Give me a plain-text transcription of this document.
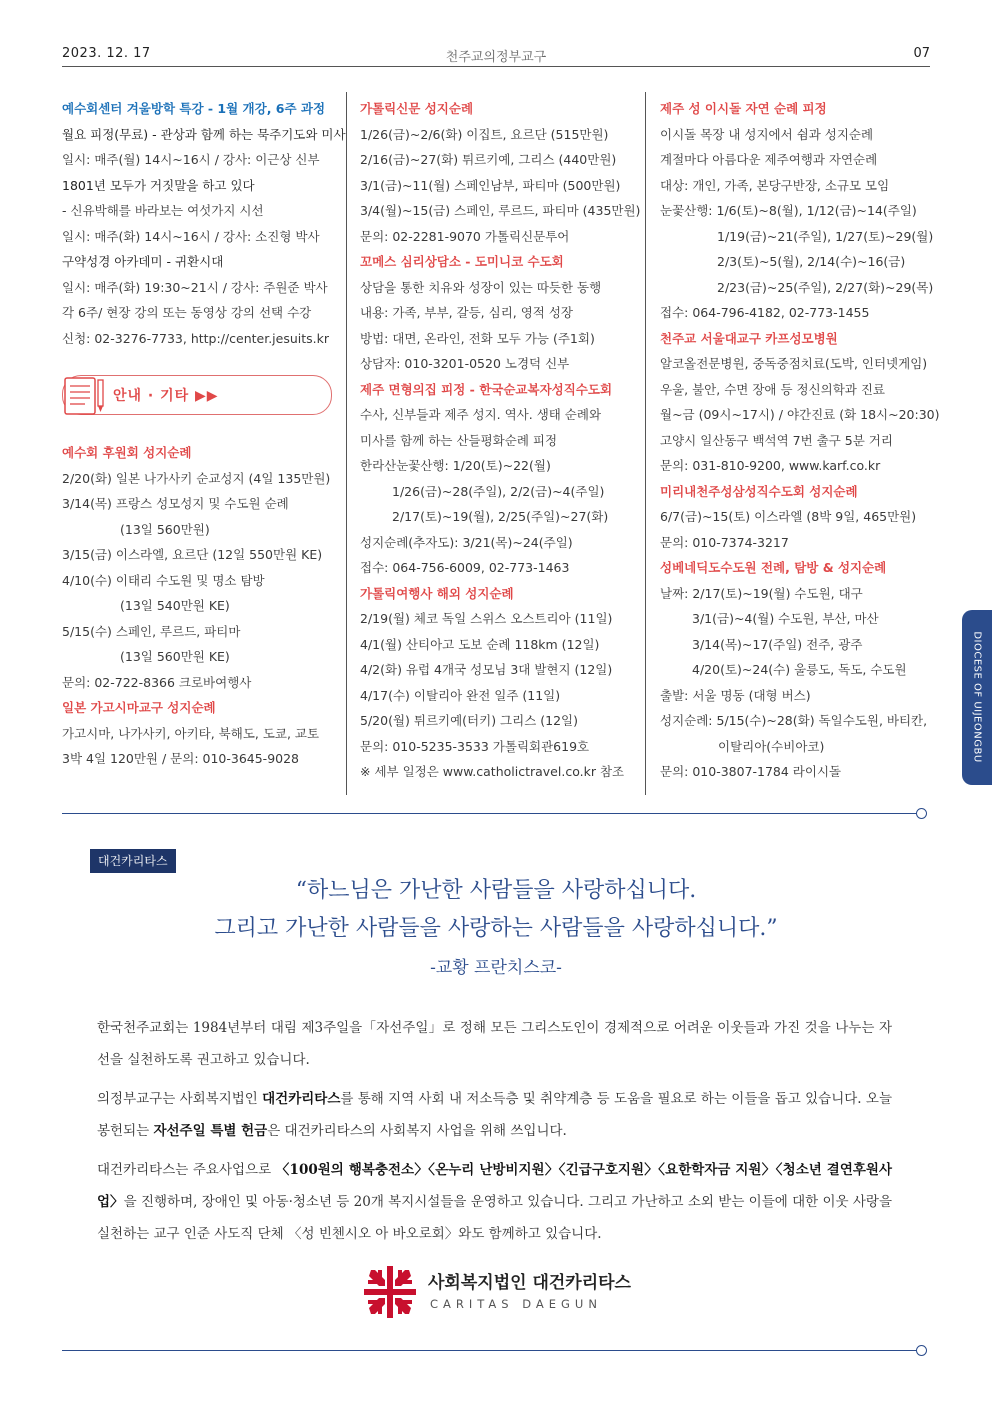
2023. 12. 17	천주교의정부교구	07
예수회센터 겨울방학 특강 - 1월 개강, 6주 과정
월요 피정(무료) - 관상과 함께 하는 묵주기도와 미사
일시: 매주(월) 14시~16시 / 강사: 이근상 신부
1801년 모두가 거짓말을 하고 있다
- 신유박해를 바라보는 여섯가지 시선
일시: 매주(화) 14시~16시 / 강사: 소진형 박사
구약성경 아카데미 - 귀환시대
일시: 매주(화) 19:30~21시 / 강사: 주원준 박사
각 6주/ 현장 강의 또는 동영상 강의 선택 수강
신청: 02-3276-7733, http://center.jesuits.kr
안내 · 기타 ▶▶
예수회 후원회 성지순례
2/20(화) 일본 나가사키 순교성지 (4일 135만원)
3/14(목) 프랑스 성모성지 및 수도원 순례
(13일 560만원)
3/15(금) 이스라엘, 요르단 (12일 550만원 KE)
4/10(수) 이태리 수도원 및 명소 탐방
(13일 540만원 KE)
5/15(수) 스페인, 루르드, 파티마
(13일 560만원 KE)
문의: 02-722-8366 크로바여행사
일본 가고시마교구 성지순례
가고시마, 나가사키, 아키타, 북해도, 도쿄, 교토
3박 4일 120만원 / 문의: 010-3645-9028
가톨릭신문 성지순례
1/26(금)~2/6(화) 이집트, 요르단 (515만원)
2/16(금)~27(화) 튀르키예, 그리스 (440만원)
3/1(금)~11(월) 스페인남부, 파티마 (500만원)
3/4(월)~15(금) 스페인, 루르드, 파티마 (435만원)
문의: 02-2281-9070 가톨릭신문투어
꼬메스 심리상담소 - 도미니코 수도회
상담을 통한 치유와 성장이 있는 따듯한 동행
내용: 가족, 부부, 갈등, 심리, 영적 성장
방법: 대면, 온라인, 전화 모두 가능 (주1회)
상담자: 010-3201-0520 노경덕 신부
제주 면형의집 피정 - 한국순교복자성직수도회
수사, 신부들과 제주 성지. 역사. 생태 순례와
미사를 함께 하는 산들평화순례 피정
한라산눈꽃산행: 1/20(토)~22(월)
1/26(금)~28(주일), 2/2(금)~4(주일)
2/17(토)~19(월), 2/25(주일)~27(화)
성지순례(추자도): 3/21(목)~24(주일)
접수: 064-756-6009, 02-773-1463
가톨릭여행사 해외 성지순례
2/19(월) 체코 독일 스위스 오스트리아 (11일)
4/1(월) 산티아고 도보 순례 118km (12일)
4/2(화) 유럽 4개국 성모님 3대 발현지 (12일)
4/17(수) 이탈리아 완전 일주 (11일)
5/20(월) 튀르키예(터키) 그리스 (12일)
문의: 010-5235-3533 가톨릭회관619호
※ 세부 일정은 www.catholictravel.co.kr 참조
제주 성 이시돌 자연 순례 피정
이시돌 목장 내 성지에서 쉼과 성지순례
계절마다 아름다운 제주여행과 자연순례
대상: 개인, 가족, 본당구반장, 소규모 모임
눈꽃산행: 1/6(토)~8(월), 1/12(금)~14(주일)
1/19(금)~21(주일), 1/27(토)~29(월)
2/3(토)~5(월), 2/14(수)~16(금)
2/23(금)~25(주일), 2/27(화)~29(목)
접수: 064-796-4182, 02-773-1455
천주교 서울대교구 카프성모병원
알코올전문병원, 중독중점치료(도박, 인터넷게임)
우울, 불안, 수면 장애 등 정신의학과 진료
월~금 (09시~17시) / 야간진료 (화 18시~20:30)
고양시 일산동구 백석역 7번 출구 5분 거리
문의: 031-810-9200, www.karf.co.kr
미리내천주성삼성직수도회 성지순례
6/7(금)~15(토) 이스라엘 (8박 9일, 465만원)
문의: 010-7374-3217
성베네딕도수도원 전례, 탐방 & 성지순례
날짜: 2/17(토)~19(월) 수도원, 대구
3/1(금)~4(월) 수도원, 부산, 마산
3/14(목)~17(주일) 전주, 광주
4/20(토)~24(수) 울릉도, 독도, 수도원
출발: 서울 명동 (대형 버스)
성지순례: 5/15(수)~28(화) 독일수도원, 바티칸,
이탈리아(수비아코)
문의: 010-3807-1784 라이시돌
DIOCESE OF UIJEONGBU
대건카리타스
“하느님은 가난한 사람들을 사랑하십니다.
그리고 가난한 사람들을 사랑하는 사람들을 사랑하십니다.”
-교황 프란치스코-

한국천주교회는 1984년부터 대림 제3주일을「자선주일」로 정해 모든 그리스도인이 경제적으로 어려운 이웃들과 가진 것을 나누는 자선을 실천하도록 권고하고 있습니다.

의정부교구는 사회복지법인 대건카리타스를 통해 지역 사회 내 저소득층 및 취약계층 등 도움을 필요로 하는 이들을 돕고 있습니다. 오늘 봉헌되는 자선주일 특별 헌금은 대건카리타스의 사회복지 사업을 위해 쓰입니다.

대건카리타스는 주요사업으로 〈100원의 행복충전소〉〈온누리 난방비지원〉〈긴급구호지원〉〈요한학자금 지원〉〈청소년 결연후원사업〉을 진행하며, 장애인 및 아동·청소년 등 20개 복지시설들을 운영하고 있습니다. 그리고 가난하고 소외 받는 이들에 대한 이웃 사랑을 실천하는 교구 인준 사도직 단체 〈성 빈첸시오 아 바오로회〉와도 함께하고 있습니다.

사회복지법인 대건카리타스
CARITAS DAEGUN
